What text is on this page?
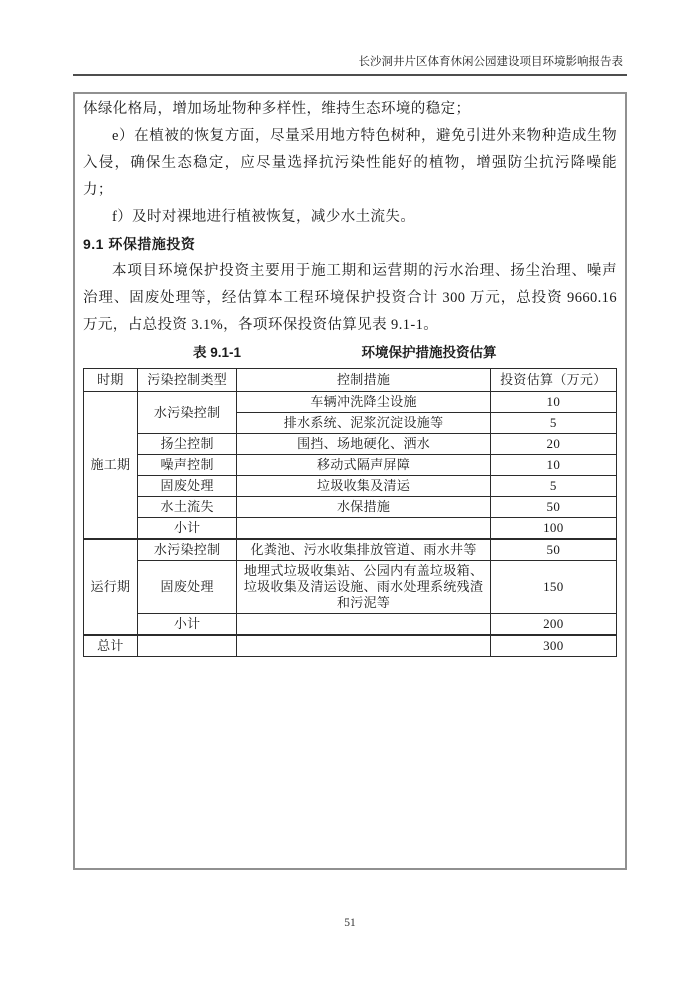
长沙洞井片区体育休闲公园建设项目环境影响报告表

体绿化格局，增加场址物种多样性，维持生态环境的稳定；

e）在植被的恢复方面，尽量采用地方特色树种，避免引进外来物种造成生物入侵，确保生态稳定，应尽量选择抗污染性能好的植物，增强防尘抗污降噪能力；

f）及时对裸地进行植被恢复，减少水土流失。

9.1 环保措施投资

本项目环境保护投资主要用于施工期和运营期的污水治理、扬尘治理、噪声治理、固废处理等，经估算本工程环境保护投资合计 300 万元，总投资 9660.16 万元，占总投资 3.1%，各项环保投资估算见表 9.1-1。

表 9.1-1	环境保护措施投资估算
时期	污染控制类型	控制措施	投资估算（万元）
施工期	水污染控制	车辆冲洗降尘设施	10
		排水系统、泥浆沉淀设施等	5
	扬尘控制	围挡、场地硬化、洒水	20
	噪声控制	移动式隔声屏障	10
	固废处理	垃圾收集及清运	5
	水土流失	水保措施	50
	小计		100
运行期	水污染控制	化粪池、污水收集排放管道、雨水井等	50
	固废处理	地埋式垃圾收集站、公园内有盖垃圾箱、垃圾收集及清运设施、雨水处理系统残渣和污泥等	150
	小计		200
总计			300
51
